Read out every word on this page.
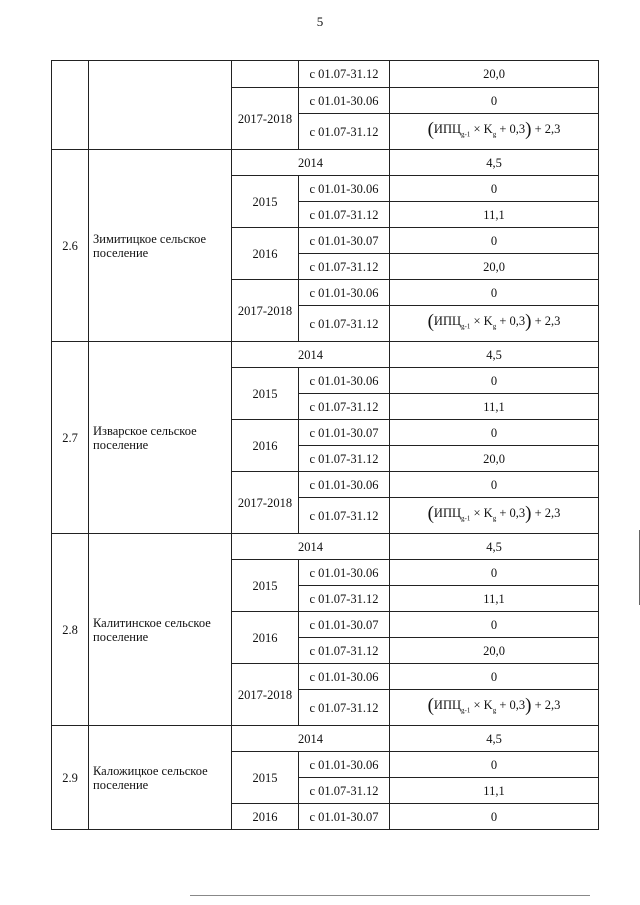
5
			с 01.07-31.12	20,0
		2017-2018	с 01.01-30.06	0
			с 01.07-31.12	$(ИПЦ_{g-1} \times K_g + 0,3) + 2,3$
2.6	Зимитицкое сельское поселение	2014		4,5
		2015	с 01.01-30.06	0
			с 01.07-31.12	11,1
		2016	с 01.01-30.07	0
			с 01.07-31.12	20,0
		2017-2018	с 01.01-30.06	0
			с 01.07-31.12	$(ИПЦ_{g-1} \times K_g + 0,3) + 2,3$
2.7	Изварское сельское поселение	2014		4,5
		2015	с 01.01-30.06	0
			с 01.07-31.12	11,1
		2016	с 01.01-30.07	0
			с 01.07-31.12	20,0
		2017-2018	с 01.01-30.06	0
			с 01.07-31.12	$(ИПЦ_{g-1} \times K_g + 0,3) + 2,3$
2.8	Калитинское сельское поселение	2014		4,5
		2015	с 01.01-30.06	0
			с 01.07-31.12	11,1
		2016	с 01.01-30.07	0
			с 01.07-31.12	20,0
		2017-2018	с 01.01-30.06	0
			с 01.07-31.12	$(ИПЦ_{g-1} \times K_g + 0,3) + 2,3$
2.9	Каложицкое сельское поселение	2014		4,5
		2015	с 01.01-30.06	0
			с 01.07-31.12	11,1
		2016	с 01.01-30.07	0
